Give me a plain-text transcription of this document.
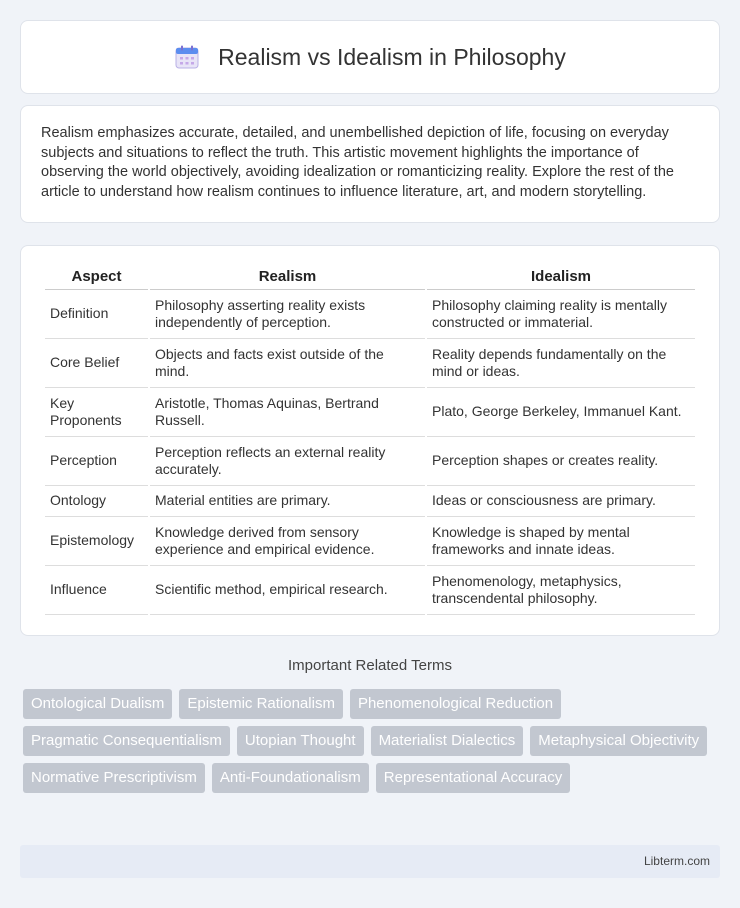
Realism vs Idealism in Philosophy

Realism emphasizes accurate, detailed, and unembellished depiction of life, focusing on everyday subjects and situations to reflect the truth. This artistic movement highlights the importance of observing the world objectively, avoiding idealization or romanticizing reality. Explore the rest of the article to understand how realism continues to influence literature, art, and modern storytelling.

Aspect	Realism	Idealism
Definition	Philosophy asserting reality exists independently of perception.	Philosophy claiming reality is mentally constructed or immaterial.
Core Belief	Objects and facts exist outside of the mind.	Reality depends fundamentally on the mind or ideas.
Key Proponents	Aristotle, Thomas Aquinas, Bertrand Russell.	Plato, George Berkeley, Immanuel Kant.
Perception	Perception reflects an external reality accurately.	Perception shapes or creates reality.
Ontology	Material entities are primary.	Ideas or consciousness are primary.
Epistemology	Knowledge derived from sensory experience and empirical evidence.	Knowledge is shaped by mental frameworks and innate ideas.
Influence	Scientific method, empirical research.	Phenomenology, metaphysics, transcendental philosophy.
Important Related Terms
Ontological Dualism	Epistemic Rationalism	Phenomenological Reduction
Pragmatic Consequentialism	Utopian Thought	Materialist Dialectics	Metaphysical Objectivity
Normative Prescriptivism	Anti-Foundationalism	Representational Accuracy
Libterm.com
